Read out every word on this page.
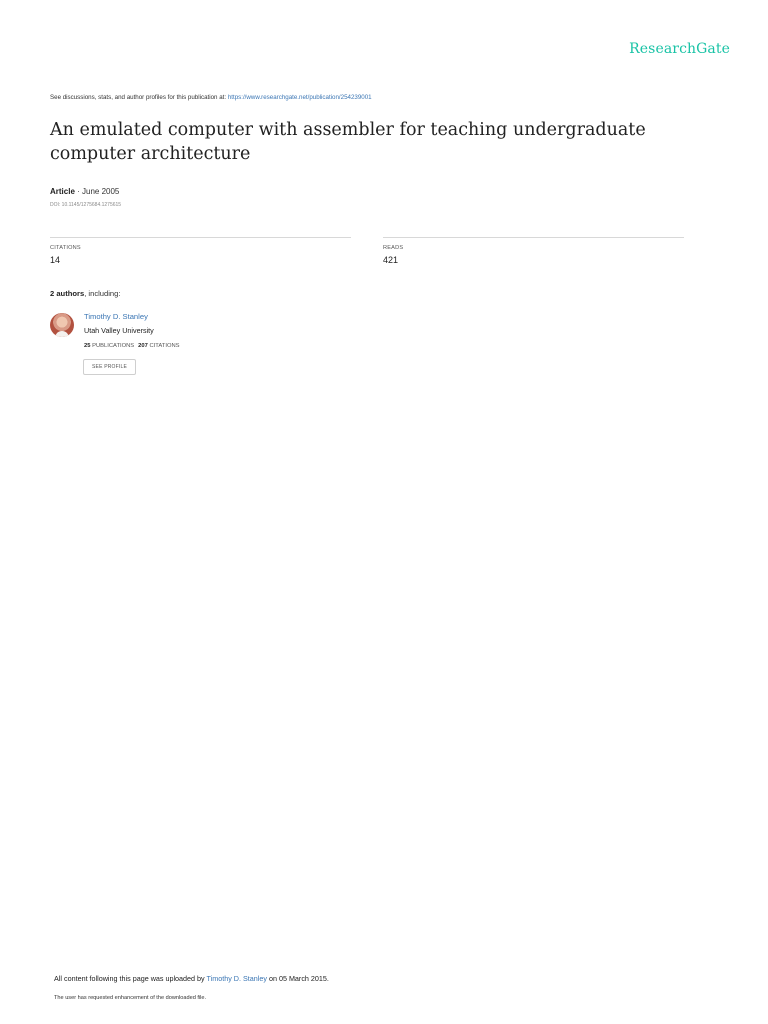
ResearchGate
See discussions, stats, and author profiles for this publication at: https://www.researchgate.net/publication/254239001
An emulated computer with assembler for teaching undergraduate computer architecture
Article · June 2005
DOI: 10.1145/1275684.1275615
CITATIONS
14
READS
421
2 authors, including:
Timothy D. Stanley
Utah Valley University
25 PUBLICATIONS 207 CITATIONS
SEE PROFILE
All content following this page was uploaded by Timothy D. Stanley on 05 March 2015.
The user has requested enhancement of the downloaded file.
